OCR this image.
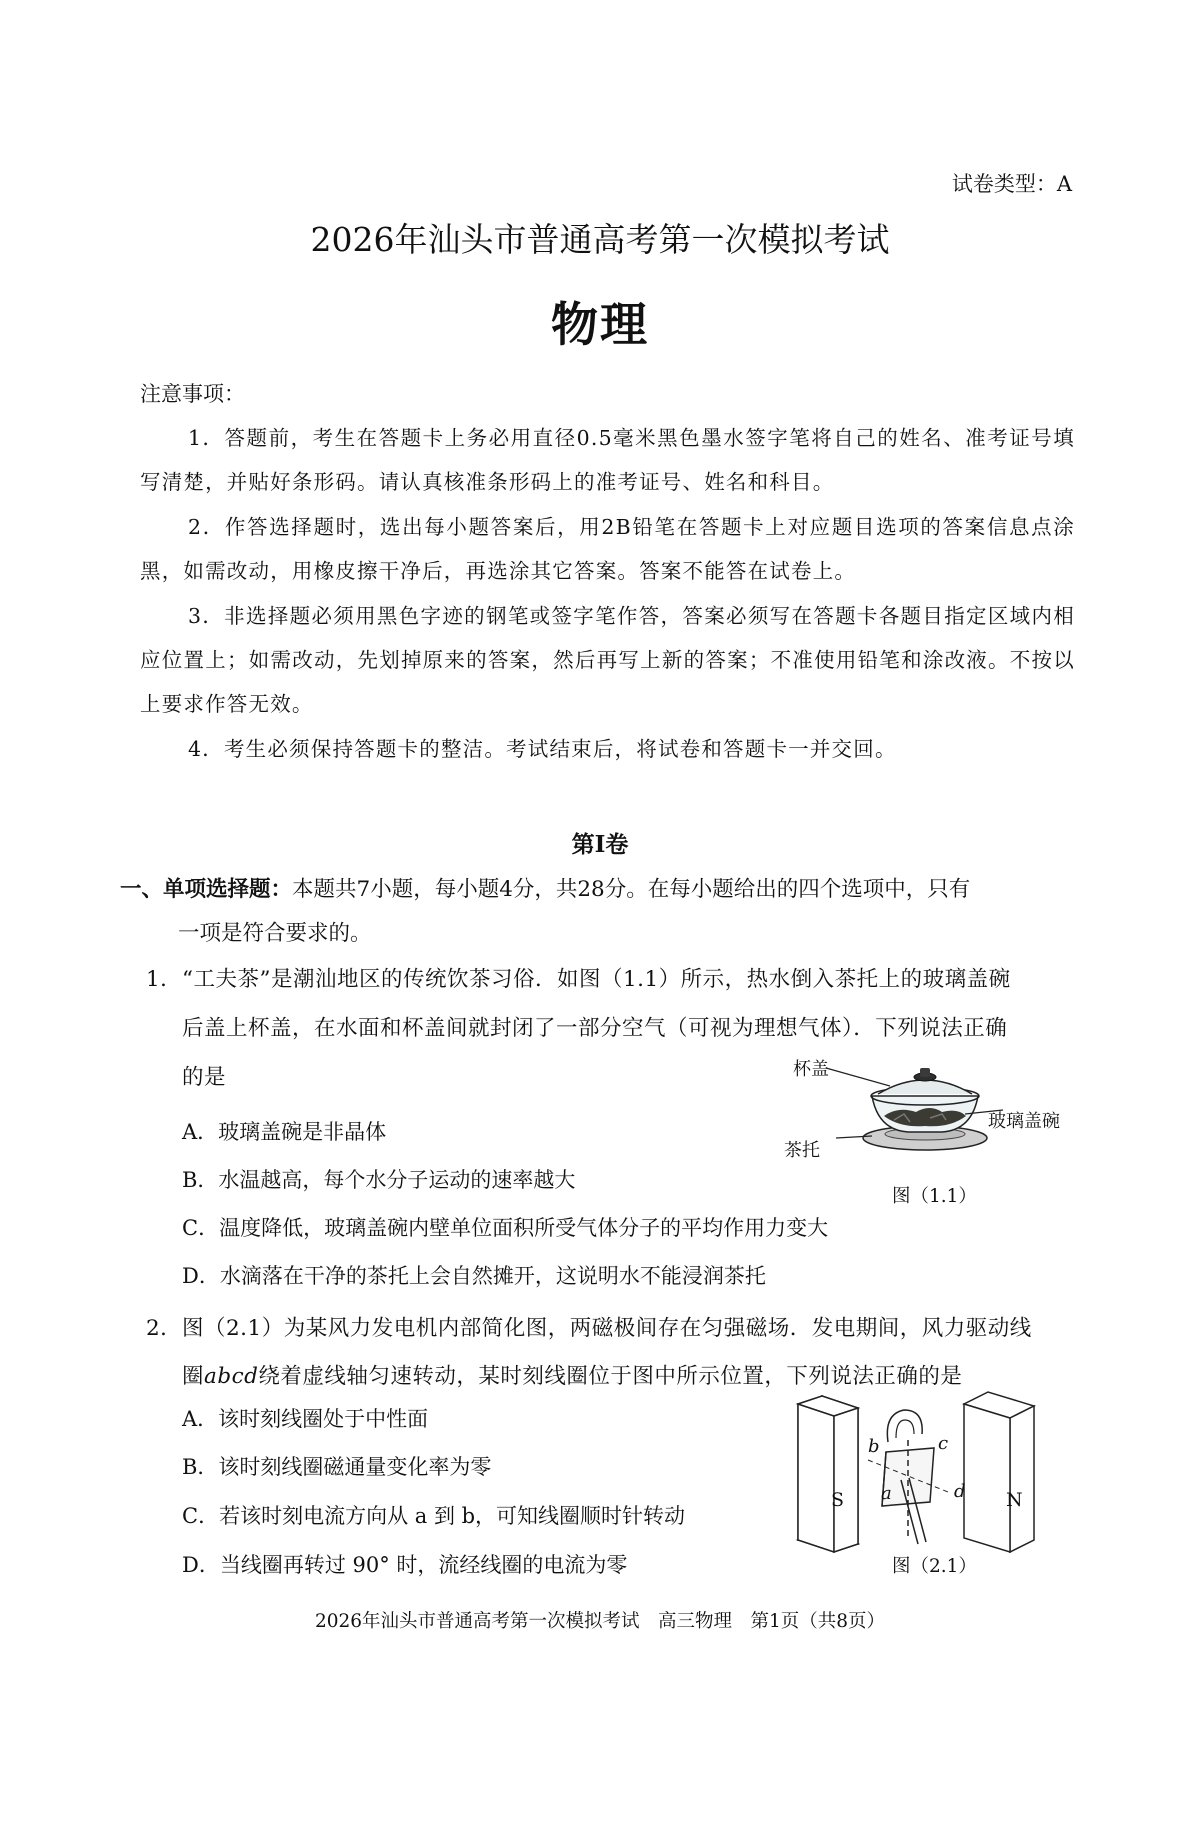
试卷类型：A
2026年汕头市普通高考第一次模拟考试
物理
注意事项：
1．答题前，考生在答题卡上务必用直径0.5毫米黑色墨水签字笔将自己的姓名、准考证号填写清楚，并贴好条形码。请认真核准条形码上的准考证号、姓名和科目。
2．作答选择题时，选出每小题答案后，用2B铅笔在答题卡上对应题目选项的答案信息点涂黑，如需改动，用橡皮擦干净后，再选涂其它答案。答案不能答在试卷上。
3．非选择题必须用黑色字迹的钢笔或签字笔作答，答案必须写在答题卡各题目指定区域内相应位置上；如需改动，先划掉原来的答案，然后再写上新的答案；不准使用铅笔和涂改液。不按以上要求作答无效。
4．考生必须保持答题卡的整洁。考试结束后，将试卷和答题卡一并交回。
第Ⅰ卷
一、单项选择题：本题共7小题，每小题4分，共28分。在每小题给出的四个选项中，只有
一项是符合要求的。
1． “工夫茶”是潮汕地区的传统饮茶习俗．如图（1.1）所示，热水倒入茶托上的玻璃盖碗
后盖上杯盖，在水面和杯盖间就封闭了一部分空气（可视为理想气体）．下列说法正确
的是
A．玻璃盖碗是非晶体
B．水温越高，每个水分子运动的速率越大
C．温度降低，玻璃盖碗内壁单位面积所受气体分子的平均作用力变大
D．水滴落在干净的茶托上会自然摊开，这说明水不能浸润茶托
杯盖
玻璃盖碗
茶托
图（1.1）
2． 图（2.1）为某风力发电机内部简化图，两磁极间存在匀强磁场．发电期间，风力驱动线
圈abcd绕着虚线轴匀速转动，某时刻线圈位于图中所示位置，下列说法正确的是
A．该时刻线圈处于中性面
B．该时刻线圈磁通量变化率为零
C．若该时刻电流方向从 a 到 b，可知线圈顺时针转动
D．当线圈再转过 90° 时，流经线圈的电流为零
S	N
b	c
a	d
图（2.1）
2026年汕头市普通高考第一次模拟考试　高三物理　第1页（共8页）
